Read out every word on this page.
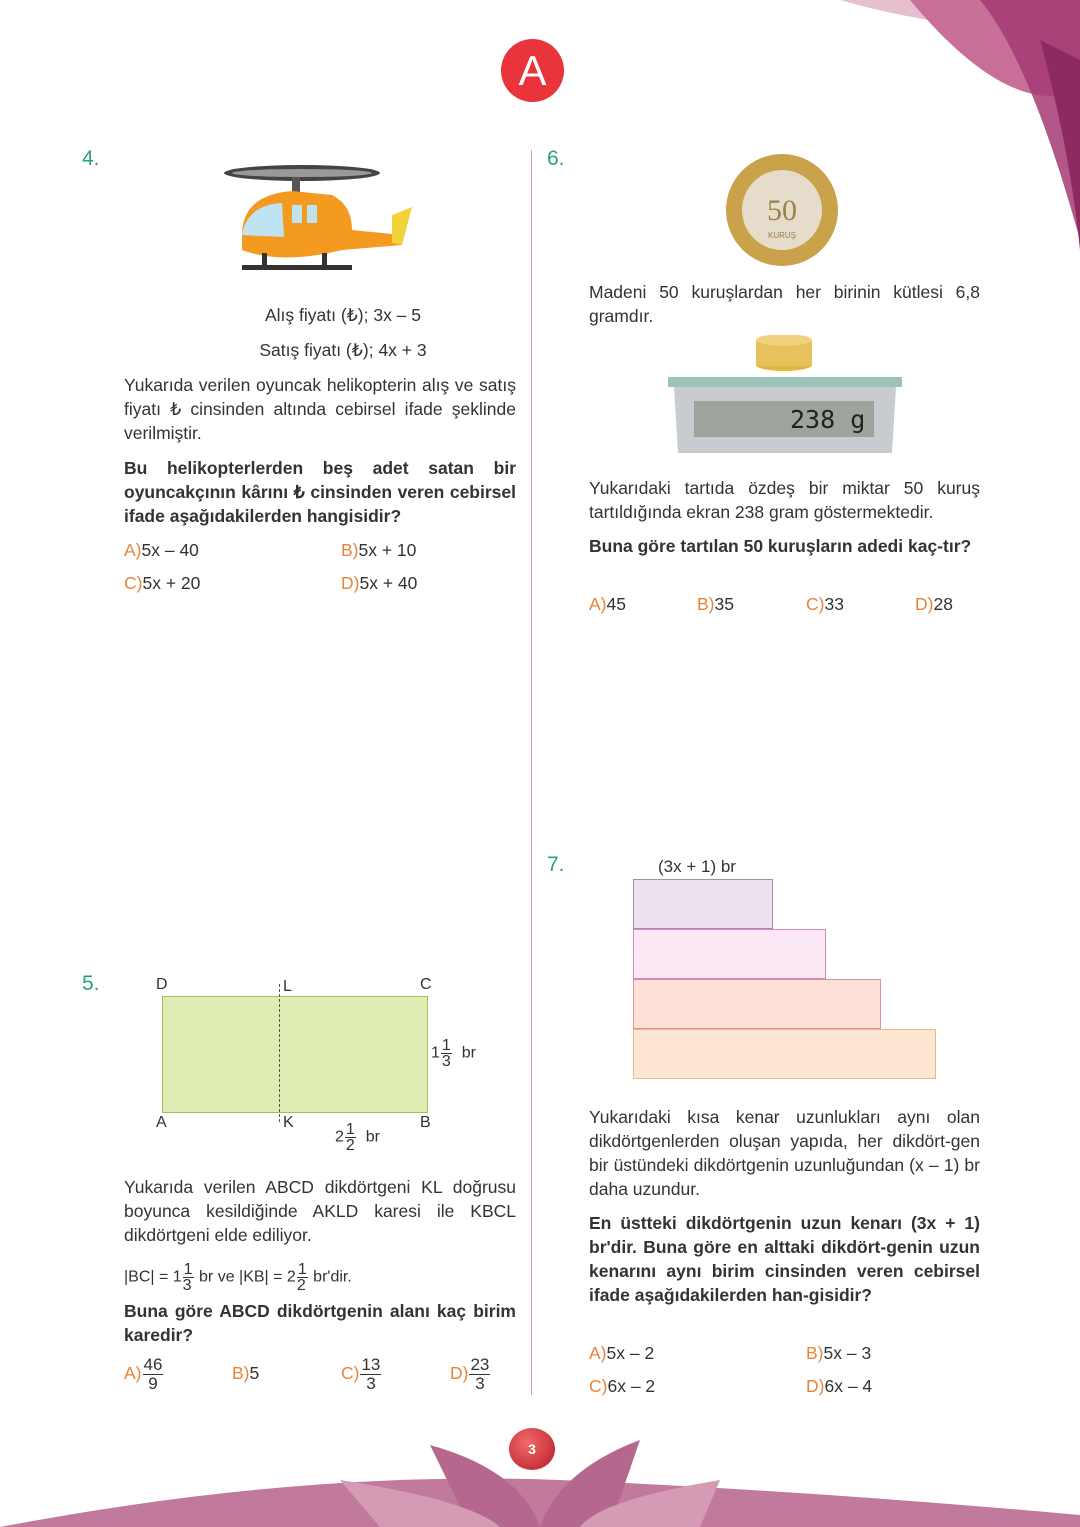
A
4.
Alış fiyatı (₺); 3x – 5
Satış fiyatı (₺); 4x + 3
Yukarıda verilen oyuncak helikopterin alış ve satış fiyatı ₺ cinsinden altında cebirsel ifade şeklinde verilmiştir.
Bu helikopterlerden beş adet satan bir oyuncakçının kârını ₺ cinsinden veren cebirsel ifade aşağıdakilerden hangisidir?
A)5x – 40	B)5x + 10
C)5x + 20	D)5x + 40
5.	D	L	C
A	K	B
$1 \frac{1}{3}$ br
$2 \frac{1}{2}$ br
Yukarıda verilen ABCD dikdörtgeni KL doğrusu boyunca kesildiğinde AKLD karesi ile KBCL dikdörtgeni elde ediliyor.
$|BC| = 1 \frac{1}{3}$ br ve $|KB| = 2 \frac{1}{2} br'dir$.
Buna göre ABCD dikdörtgenin alanı kaç birim karedir?
$A) \frac{46}{9}$	B)5	$C) \frac{13}{3}$	$D) \frac{23}{3}$
6.
50
KURUŞ
Madeni 50 kuruşlardan her birinin kütlesi 6,8 gramdır.
238 g
Yukarıdaki tartıda özdeş bir miktar 50 kuruş tartıldığında ekran 238 gram göstermektedir.
Buna göre tartılan 50 kuruşların adedi kaç-tır?
A)45	B)35	C)33	D)28
7.	(3x + 1) br
Yukarıdaki kısa kenar uzunlukları aynı olan dikdörtgenlerden oluşan yapıda, her dikdört-gen bir üstündeki dikdörtgenin uzunluğundan (x – 1) br daha uzundur.
En üstteki dikdörtgenin uzun kenarı (3x + 1) br'dir. Buna göre en alttaki dikdört-genin uzun kenarını aynı birim cinsinden veren cebirsel ifade aşağıdakilerden han-gisidir?
A)5x – 2	B)5x – 3
C)6x – 2	D)6x – 4
3
